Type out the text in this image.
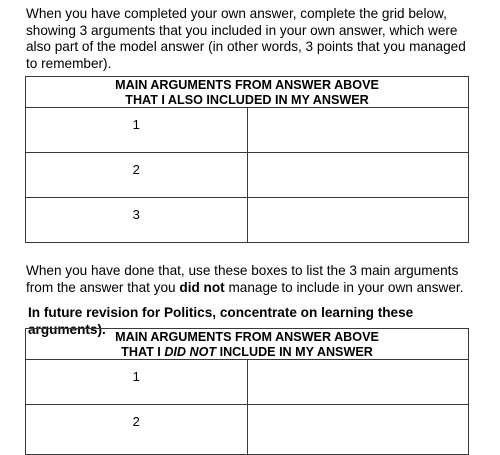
When you have completed your own answer, complete the grid below, showing 3 arguments that you included in your own answer, which were also part of the model answer (in other words, 3 points that you managed to remember).

MAIN ARGUMENTS FROM ANSWER ABOVE
THAT I ALSO INCLUDED IN MY ANSWER	

1	
2	
3	

When you have done that, use these boxes to list the 3 main arguments from the answer that you did not manage to include in your own answer.

In future revision for Politics, concentrate on learning these arguments).

MAIN ARGUMENTS FROM ANSWER ABOVE
THAT I DID NOT INCLUDE IN MY ANSWER	

1	
2	
